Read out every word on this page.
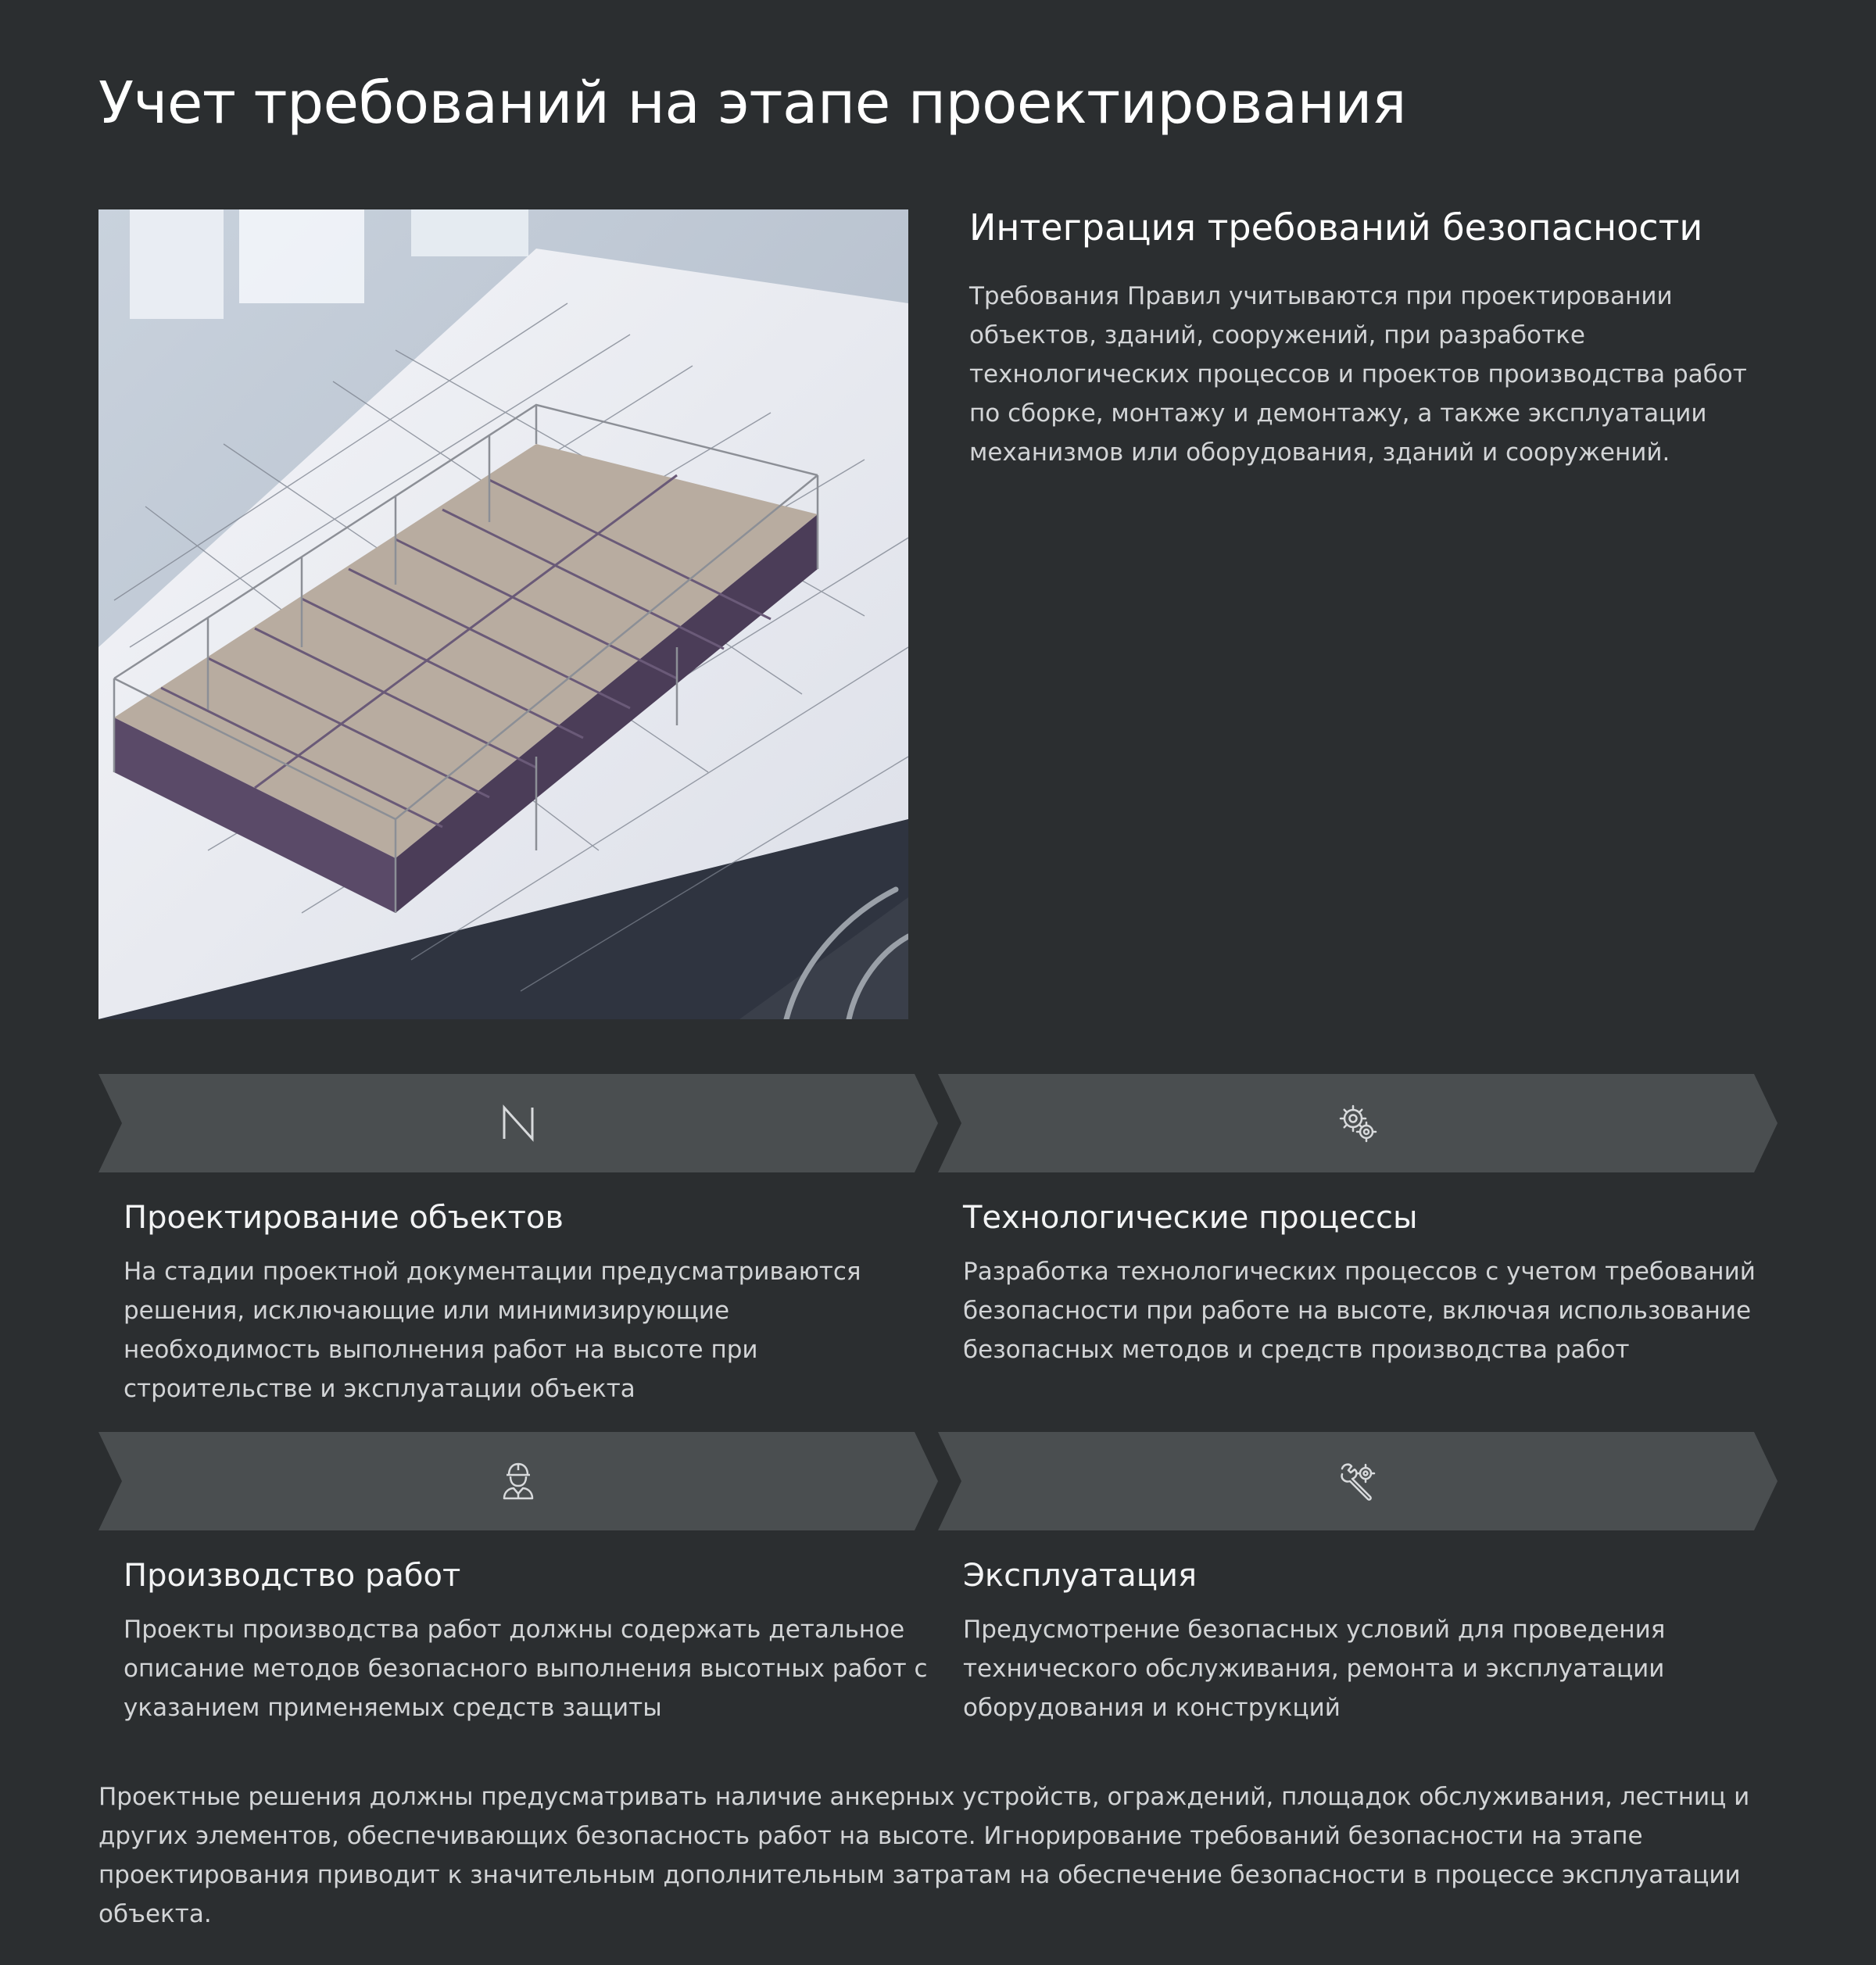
Учет требований на этапе проектирования
Интеграция требований безопасности

Требования Правил учитываются при проектировании объектов, зданий, сооружений, при разработке технологических процессов и проектов производства работ по сборке, монтажу и демонтажу, а также эксплуатации механизмов или оборудования, зданий и сооружений.

Проектирование объектов

На стадии проектной документации предусматриваются решения, исключающие или минимизирующие необходимость выполнения работ на высоте при строительстве и эксплуатации объекта

Технологические процессы

Разработка технологических процессов с учетом требований безопасности при работе на высоте, включая использование безопасных методов и средств производства работ

Производство работ

Проекты производства работ должны содержать детальное описание методов безопасного выполнения высотных работ с указанием применяемых средств защиты

Эксплуатация

Предусмотрение безопасных условий для проведения технического обслуживания, ремонта и эксплуатации оборудования и конструкций

Проектные решения должны предусматривать наличие анкерных устройств, ограждений, площадок обслуживания, лестниц и других элементов, обеспечивающих безопасность работ на высоте. Игнорирование требований безопасности на этапе проектирования приводит к значительным дополнительным затратам на обеспечение безопасности в процессе эксплуатации объекта.
